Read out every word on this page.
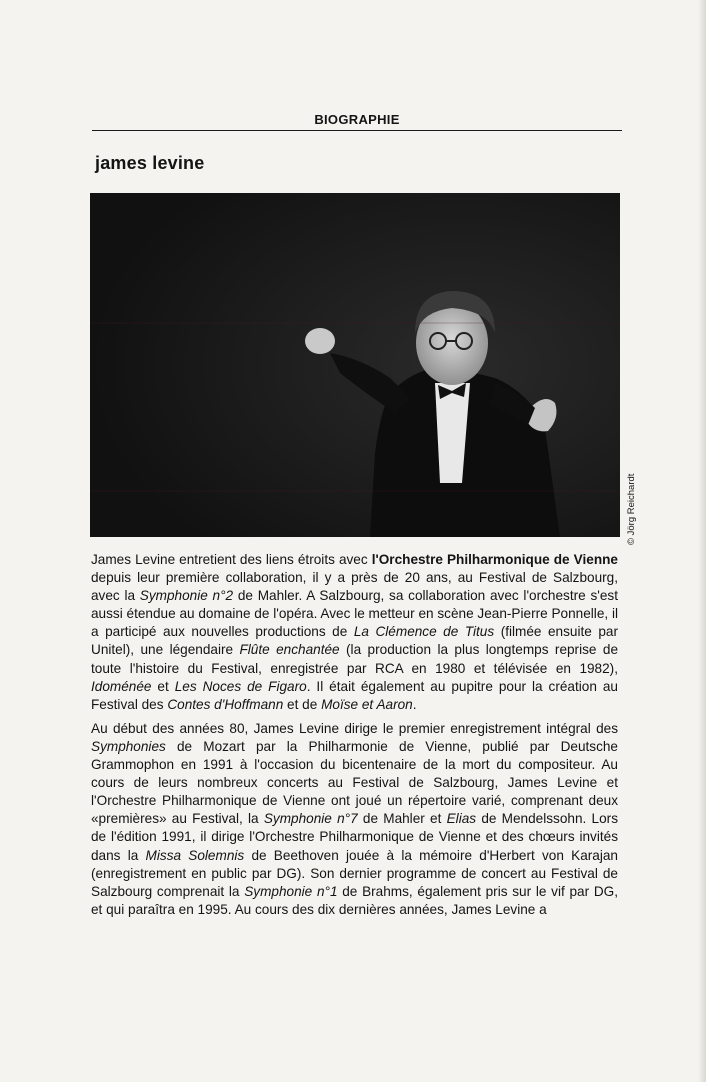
BIOGRAPHIE
james levine
© Jörg Reichardt

James Levine entretient des liens étroits avec l'Orchestre Philharmonique de Vienne depuis leur première collaboration, il y a près de 20 ans, au Festival de Salzbourg, avec la Symphonie n°2 de Mahler. A Salzbourg, sa collaboration avec l'orchestre s'est aussi étendue au domaine de l'opéra. Avec le metteur en scène Jean-Pierre Ponnelle, il a participé aux nouvelles productions de La Clémence de Titus (filmée ensuite par Unitel), une légendaire Flûte enchantée (la production la plus longtemps reprise de toute l'histoire du Festival, enregistrée par RCA en 1980 et télévisée en 1982), Idoménée et Les Noces de Figaro. Il était également au pupitre pour la création au Festival des Contes d'Hoffmann et de Moïse et Aaron.

Au début des années 80, James Levine dirige le premier enregistrement intégral des Symphonies de Mozart par la Philharmonie de Vienne, publié par Deutsche Grammophon en 1991 à l'occasion du bicentenaire de la mort du compositeur. Au cours de leurs nombreux concerts au Festival de Salzbourg, James Levine et l'Orchestre Philharmonique de Vienne ont joué un répertoire varié, comprenant deux «premières» au Festival, la Symphonie n°7 de Mahler et Elias de Mendelssohn. Lors de l'édition 1991, il dirige l'Orchestre Philharmonique de Vienne et des chœurs invités dans la Missa Solemnis de Beethoven jouée à la mémoire d'Herbert von Karajan (enregistrement en public par DG). Son dernier programme de concert au Festival de Salzbourg comprenait la Symphonie n°1 de Brahms, également pris sur le vif par DG, et qui paraîtra en 1995. Au cours des dix dernières années, James Levine a
